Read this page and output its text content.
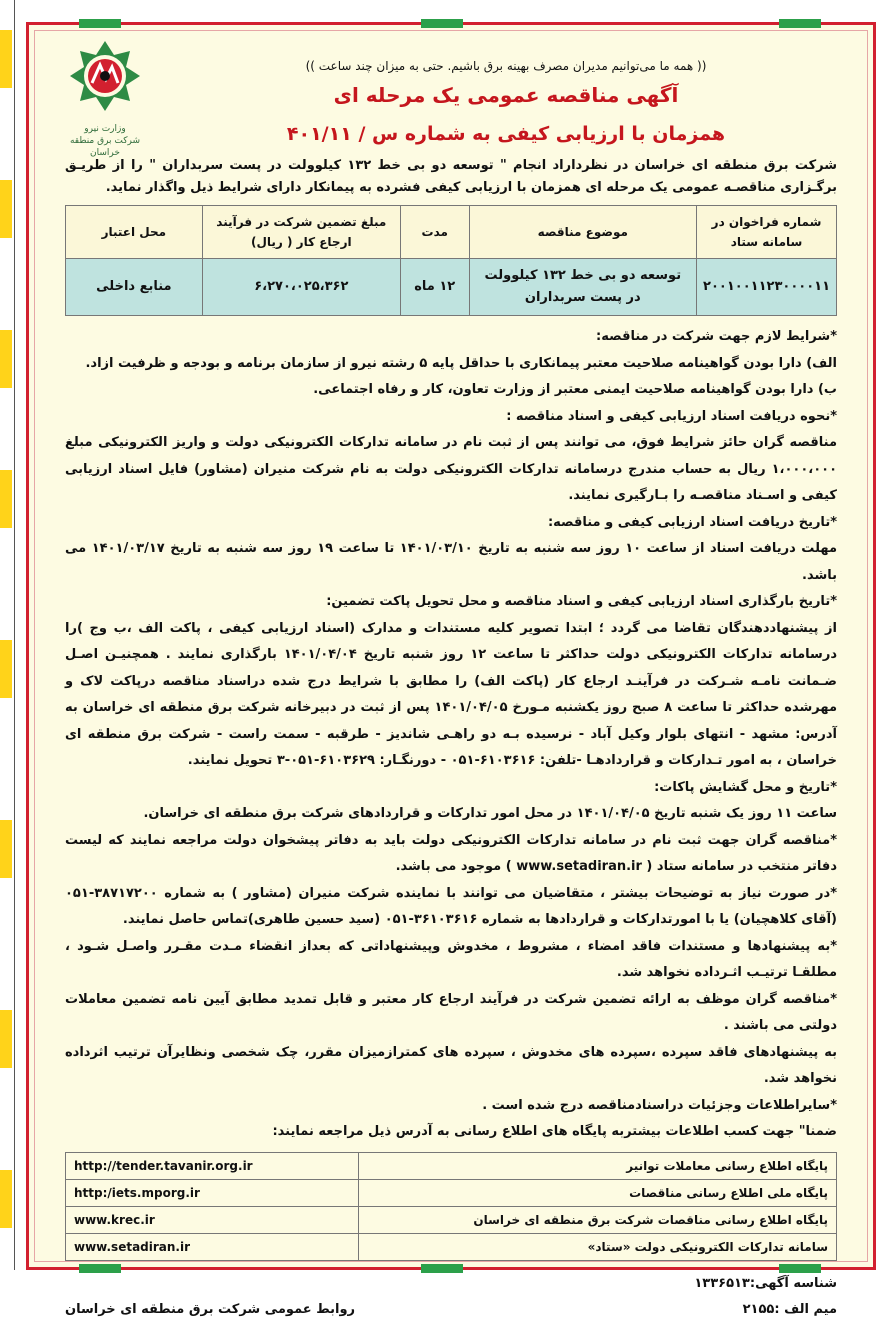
وزارت نیرو
شرکت برق منطقه خراسان
(( همه ما می‌توانیم مدیران مصرف بهینه برق باشیم. حتی به میزان چند ساعت ))
آگهی مناقصه عمومی یک مرحله ای
همزمان با ارزیابی کیفی به شماره س / ۴۰۱/۱۱
شرکت برق منطقه ای خراسان در نظرداراد انجام " توسعه دو بی خط ۱۳۲ کیلوولت در پست سربداران " را از طریـق برگـزاری مناقصـه عمومی یک مرحله ای همزمان با ارزیابی کیفی فشرده به پیمانکار دارای شرایط ذیل واگذار نماید.
شماره فراخوان در سامانه ستاد	موضوع مناقصه	مدت	مبلغ تضمین شرکت در فرآیند ارجاع کار ( ریال)	محل اعتبار
۲۰۰۱۰۰۱۱۲۳۰۰۰۰۱۱	توسعه دو بی خط ۱۳۲ کیلوولت در پست سربداران	۱۲ ماه	۶،۲۷۰،۰۲۵،۳۶۲	منابع داخلی

*شرایط لازم جهت شرکت در مناقصه:

الف) دارا بودن گواهینامه صلاحیت معتبر پیمانکاری با حداقل پایه ۵ رشته نیرو از سازمان برنامه و بودجه و ظرفیت ازاد.

ب) دارا بودن گواهینامه صلاحیت ایمنی معتبر از وزارت تعاون، کار و رفاه اجتماعی.

*نحوه دریافت اسناد ارزیابی کیفی و اسناد مناقصه :

مناقصه گران حائز شرایط فوق، می توانند پس از ثبت نام در سامانه تدارکات الکترونیکی دولت و واریز الکترونیکی مبلغ ۱،۰۰۰،۰۰۰ ریال به حساب مندرج درسامانه تدارکات الکترونیکی دولت به نام شرکت منیران (مشاور) فایل اسناد ارزیابی کیفی و اسـناد مناقصـه را بـارگیری نمایند.

*تاریخ دریافت اسناد ارزیابی کیفی و مناقصه:

مهلت دریافت اسناد از ساعت ۱۰ روز سه شنبه به تاریخ ۱۴۰۱/۰۳/۱۰ تا ساعت ۱۹ روز سه شنبه به تاریخ ۱۴۰۱/۰۳/۱۷ می باشد.

*تاریخ بارگذاری اسناد ارزیابی کیفی و اسناد مناقصه و محل تحویل پاکت تضمین:

از پیشنهاددهندگان تقاضا می گردد ؛ ابتدا تصویر کلیه مستندات و مدارک (اسناد ارزیابی کیفی ، پاکت الف ،ب وج )را درسامانه تدارکات الکترونیکی دولت حداکثر تا ساعت ۱۲ روز شنبه تاریخ ۱۴۰۱/۰۴/۰۴ بارگذاری نمایند . همچنیـن اصـل ضـمانت نامـه شـرکت در فرآینـد ارجاع کار (پاکت الف) را مطابق با شرایط درج شده دراسناد مناقصه درپاکت لاک و مهرشده حداکثر تا ساعت ۸ صبح روز یکشنبه مـورخ ۱۴۰۱/۰۴/۰۵ پس از ثبت در دبیرخانه شرکت برق منطقه ای خراسان به آدرس: مشهد - انتهای بلوار وکیل آباد - نرسیده بـه دو راهـی شاندیز - طرقبه - سمت راست - شرکت برق منطقه ای خراسان ، به امور تـدارکات و قراردادهـا -تلفن: ۶۱۰۳۶۱۶-۰۵۱ - دورنگـار: ۶۱۰۳۶۲۹-۰۵۱-۳ تحویل نمایند.

*تاریخ و محل گشایش پاکات:

ساعت ۱۱ روز یک شنبه تاریخ ۱۴۰۱/۰۴/۰۵ در محل امور تدارکات و قراردادهای شرکت برق منطقه ای خراسان.

*مناقصه گران جهت ثبت نام در سامانه تدارکات الکترونیکی دولت باید به دفاتر پیشخوان دولت مراجعه نمایند که لیست دفاتر منتخب در سامانه ستاد ( www.setadiran.ir ) موجود می باشد.

*در صورت نیاز به توضیحات بیشتر ، متقاضیان می توانند با نماینده شرکت منیران (مشاور ) به شماره ۳۸۷۱۷۲۰۰-۰۵۱ (آقای کلاهچیان) یا با امورتدارکات و قراردادها به شماره ۳۶۱۰۳۶۱۶-۰۵۱ (سید حسین طاهری)تماس حاصل نمایند.

*به پیشنهادها و مستندات فاقد امضاء ، مشروط ، مخدوش وپیشنهاداتی که بعداز انقضاء مـدت مقـرر واصـل شـود ، مطلقـا ترتیـب اثـرداده نخواهد شد.

*مناقصه گران موظف به ارائه تضمین شرکت در فرآیند ارجاع کار معتبر و قابل تمدید مطابق آیین نامه تضمین معاملات دولتی می باشند .

به پیشنهادهای فاقد سپرده ،سپرده های مخدوش ، سپرده های کمترازمیزان مقرر، چک شخصی ونظایرآن ترتیب اثرداده نخواهد شد.

*سایراطلاعات وجزئیات دراسنادمناقصه درج شده است .

ضمنا" جهت کسب اطلاعات بیشتربه پایگاه های اطلاع رسانی به آدرس ذیل مراجعه نمایند:

پایگاه اطلاع رسانی معاملات توانیر	http://tender.tavanir.org.ir
پایگاه ملی اطلاع رسانی مناقصات	http:/iets.mporg.ir
پایگاه اطلاع رسانی مناقصات شرکت برق منطقه ای خراسان	www.krec.ir
سامانه تدارکات الکترونیکی دولت «ستاد»	www.setadiran.ir
شناسه آگهی:۱۳۳۶۵۱۳
میم الف :۲۱۵۵
روابط عمومی شرکت برق منطقه ای خراسان
